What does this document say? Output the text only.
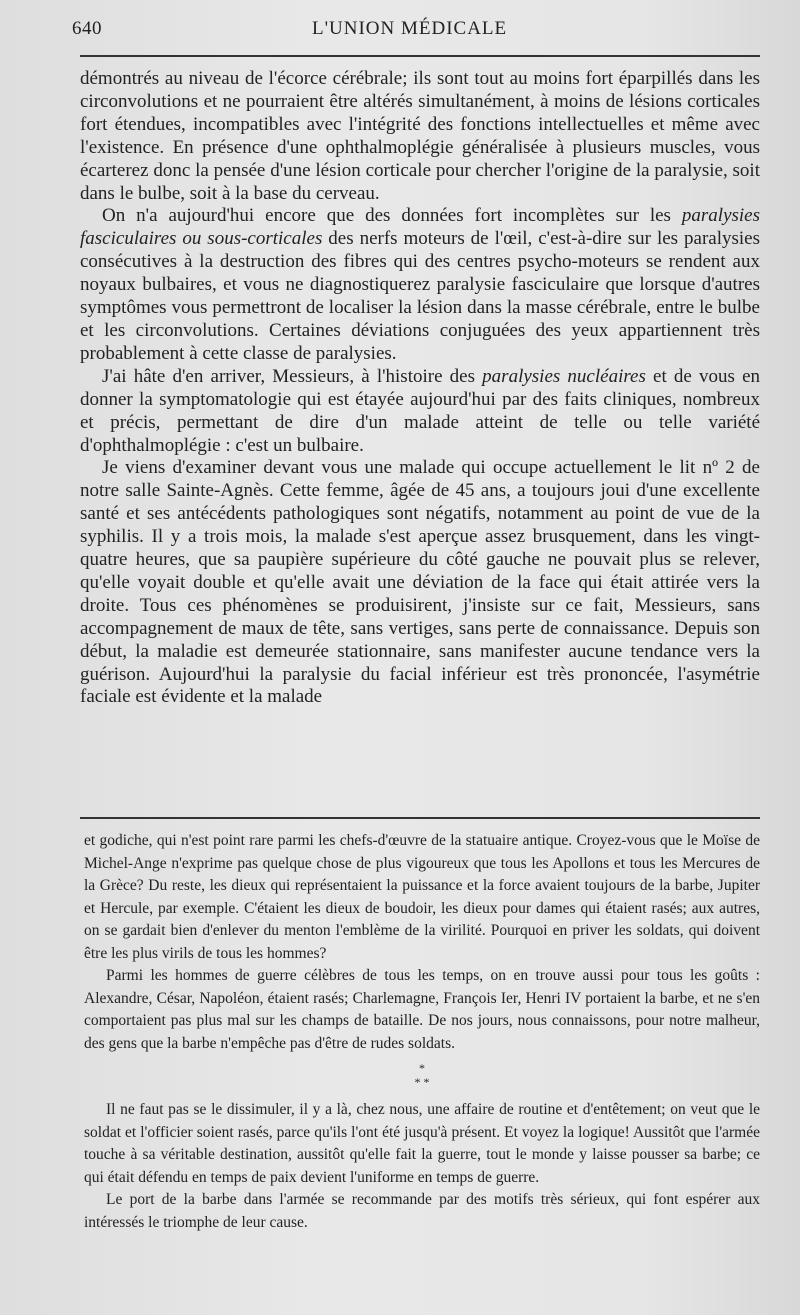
640	L'UNION MÉDICALE

démontrés au niveau de l'écorce cérébrale; ils sont tout au moins fort éparpillés dans les circonvolutions et ne pourraient être altérés simultanément, à moins de lésions corticales fort étendues, incompatibles avec l'intégrité des fonctions intellectuelles et même avec l'existence. En présence d'une ophthalmoplégie généralisée à plusieurs muscles, vous écarterez donc la pensée d'une lésion corticale pour chercher l'origine de la paralysie, soit dans le bulbe, soit à la base du cerveau.

On n'a aujourd'hui encore que des données fort incomplètes sur les paralysies fasciculaires ou sous-corticales des nerfs moteurs de l'œil, c'est-à-dire sur les paralysies consécutives à la destruction des fibres qui des centres psycho-moteurs se rendent aux noyaux bulbaires, et vous ne diagnostiquerez paralysie fasciculaire que lorsque d'autres symptômes vous permettront de localiser la lésion dans la masse cérébrale, entre le bulbe et les circonvolutions. Certaines déviations conjuguées des yeux appartiennent très probablement à cette classe de paralysies.

J'ai hâte d'en arriver, Messieurs, à l'histoire des paralysies nucléaires et de vous en donner la symptomatologie qui est étayée aujourd'hui par des faits cliniques, nombreux et précis, permettant de dire d'un malade atteint de telle ou telle variété d'ophthalmoplégie : c'est un bulbaire.

Je viens d'examiner devant vous une malade qui occupe actuellement le lit nº 2 de notre salle Sainte-Agnès. Cette femme, âgée de 45 ans, a toujours joui d'une excellente santé et ses antécédents pathologiques sont négatifs, notamment au point de vue de la syphilis. Il y a trois mois, la malade s'est aperçue assez brusquement, dans les vingt-quatre heures, que sa paupière supérieure du côté gauche ne pouvait plus se relever, qu'elle voyait double et qu'elle avait une déviation de la face qui était attirée vers la droite. Tous ces phénomènes se produisirent, j'insiste sur ce fait, Messieurs, sans accompagnement de maux de tête, sans vertiges, sans perte de connaissance. Depuis son début, la maladie est demeurée stationnaire, sans manifester aucune tendance vers la guérison. Aujourd'hui la paralysie du facial inférieur est très prononcée, l'asymétrie faciale est évidente et la malade

et godiche, qui n'est point rare parmi les chefs-d'œuvre de la statuaire antique. Croyez-vous que le Moïse de Michel-Ange n'exprime pas quelque chose de plus vigoureux que tous les Apollons et tous les Mercures de la Grèce? Du reste, les dieux qui représentaient la puissance et la force avaient toujours de la barbe, Jupiter et Hercule, par exemple. C'étaient les dieux de boudoir, les dieux pour dames qui étaient rasés; aux autres, on se gardait bien d'enlever du menton l'emblème de la virilité. Pourquoi en priver les soldats, qui doivent être les plus virils de tous les hommes?

Parmi les hommes de guerre célèbres de tous les temps, on en trouve aussi pour tous les goûts : Alexandre, César, Napoléon, étaient rasés; Charlemagne, François Ier, Henri IV portaient la barbe, et ne s'en comportaient pas plus mal sur les champs de bataille. De nos jours, nous connaissons, pour notre malheur, des gens que la barbe n'empêche pas d'être de rudes soldats.

*
* *

Il ne faut pas se le dissimuler, il y a là, chez nous, une affaire de routine et d'entêtement; on veut que le soldat et l'officier soient rasés, parce qu'ils l'ont été jusqu'à présent. Et voyez la logique! Aussitôt que l'armée touche à sa véritable destination, aussitôt qu'elle fait la guerre, tout le monde y laisse pousser sa barbe; ce qui était défendu en temps de paix devient l'uniforme en temps de guerre.

Le port de la barbe dans l'armée se recommande par des motifs très sérieux, qui font espérer aux intéressés le triomphe de leur cause.
